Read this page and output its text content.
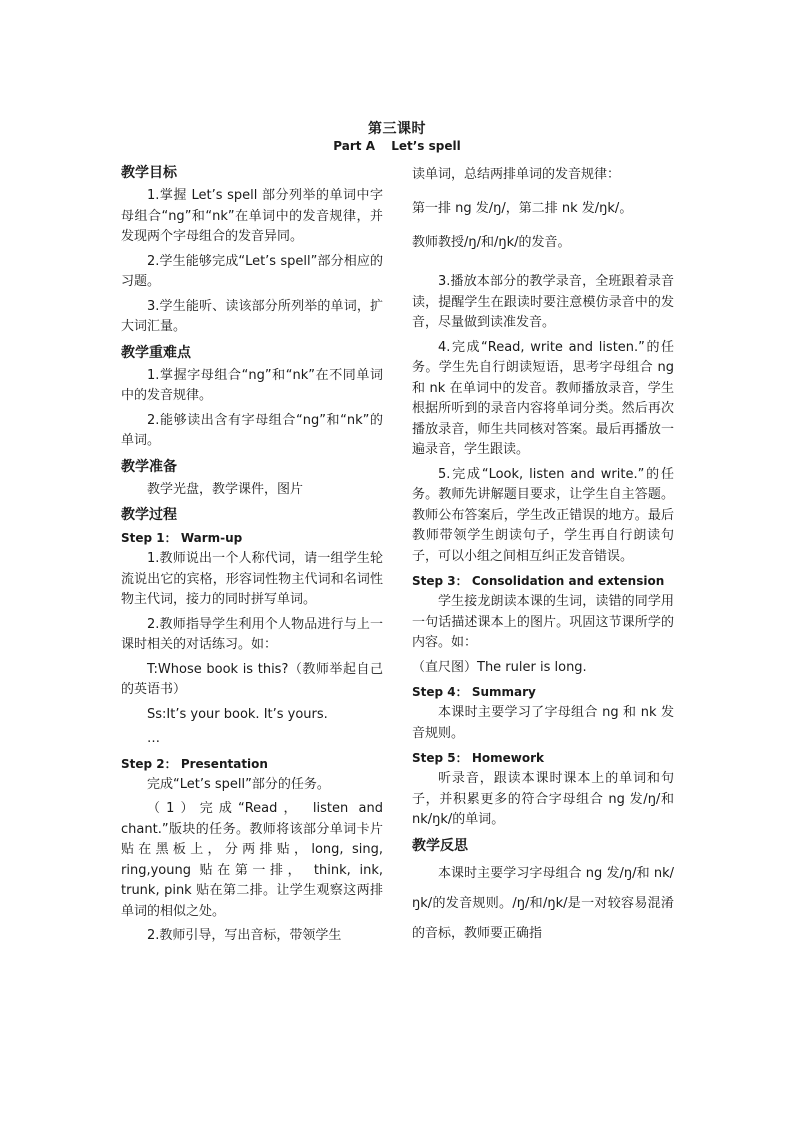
第三课时
Part A Let’s spell
教学目标
1.掌握 Let’s spell 部分列举的单词中字母组合“ng”和“nk”在单词中的发音规律，并发现两个字母组合的发音异同。
2.学生能够完成“Let’s spell”部分相应的习题。
3.学生能听、读该部分所列举的单词，扩大词汇量。
教学重难点
1.掌握字母组合“ng”和“nk”在不同单词中的发音规律。
2.能够读出含有字母组合“ng”和“nk”的单词。
教学准备
教学光盘，教学课件，图片
教学过程
Step 1： Warm-up
1.教师说出一个人称代词，请一组学生轮流说出它的宾格，形容词性物主代词和名词性物主代词，接力的同时拼写单词。
2.教师指导学生利用个人物品进行与上一课时相关的对话练习。如：
T:Whose book is this?（教师举起自己的英语书）
Ss:It’s your book. It’s yours.
…
Step 2： Presentation
完成“Let’s spell”部分的任务。
（1）完成“Read， listen and chant.”版块的任务。教师将该部分单词卡片贴在黑板上，分两排贴，long, sing, ring,young 贴在第一排， think, ink, trunk, pink 贴在第二排。让学生观察这两排单词的相似之处。
2.教师引导，写出音标，带领学生
读单词，总结两排单词的发音规律：
第一排 ng 发/ŋ/，第二排 nk 发/ŋk/。
教师教授/ŋ/和/ŋk/的发音。
3.播放本部分的教学录音，全班跟着录音读，提醒学生在跟读时要注意模仿录音中的发音，尽量做到读准发音。
4.完成“Read, write and listen.”的任务。学生先自行朗读短语，思考字母组合 ng 和 nk 在单词中的发音。教师播放录音，学生根据所听到的录音内容将单词分类。然后再次播放录音，师生共同核对答案。最后再播放一遍录音，学生跟读。
5.完成“Look, listen and write.”的任务。教师先讲解题目要求，让学生自主答题。教师公布答案后，学生改正错误的地方。最后教师带领学生朗读句子，学生再自行朗读句子，可以小组之间相互纠正发音错误。
Step 3： Consolidation and extension
学生接龙朗读本课的生词，读错的同学用一句话描述课本上的图片。巩固这节课所学的内容。如：
（直尺图）The ruler is long.
Step 4： Summary
本课时主要学习了字母组合 ng 和 nk 发音规则。
Step 5： Homework
听录音，跟读本课时课本上的单词和句子，并积累更多的符合字母组合 ng 发/ŋ/和 nk/ŋk/的单词。
教学反思
本课时主要学习字母组合 ng 发/ŋ/和 nk/ŋk/的发音规则。/ŋ/和/ŋk/是一对较容易混淆的音标，教师要正确指
